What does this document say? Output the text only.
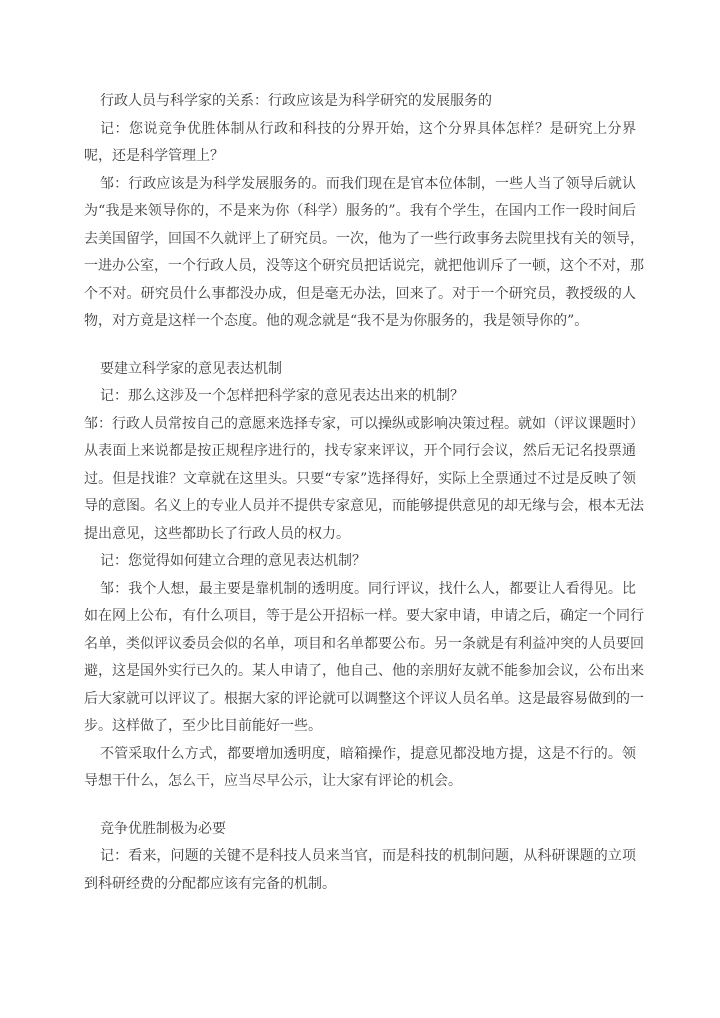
行政人员与科学家的关系：行政应该是为科学研究的发展服务的
记：您说竞争优胜体制从行政和科技的分界开始，这个分界具体怎样？是研究上分界
呢，还是科学管理上？
邹：行政应该是为科学发展服务的。而我们现在是官本位体制，一些人当了领导后就认
为“我是来领导你的，不是来为你（科学）服务的”。我有个学生，在国内工作一段时间后
去美国留学，回国不久就评上了研究员。一次，他为了一些行政事务去院里找有关的领导，
一进办公室，一个行政人员，没等这个研究员把话说完，就把他训斥了一顿，这个不对，那
个不对。研究员什么事都没办成，但是毫无办法，回来了。对于一个研究员，教授级的人
物，对方竟是这样一个态度。他的观念就是“我不是为你服务的，我是领导你的”。
要建立科学家的意见表达机制
记：那么这涉及一个怎样把科学家的意见表达出来的机制？
邹：行政人员常按自己的意愿来选择专家，可以操纵或影响决策过程。就如（评议课题时）
从表面上来说都是按正规程序进行的，找专家来评议，开个同行会议，然后无记名投票通
过。但是找谁？文章就在这里头。只要“专家”选择得好，实际上全票通过不过是反映了领
导的意图。名义上的专业人员并不提供专家意见，而能够提供意见的却无缘与会，根本无法
提出意见，这些都助长了行政人员的权力。
记：您觉得如何建立合理的意见表达机制？
邹：我个人想，最主要是靠机制的透明度。同行评议，找什么人，都要让人看得见。比
如在网上公布，有什么项目，等于是公开招标一样。要大家申请，申请之后，确定一个同行
名单，类似评议委员会似的名单，项目和名单都要公布。另一条就是有利益冲突的人员要回
避，这是国外实行已久的。某人申请了，他自己、他的亲朋好友就不能参加会议，公布出来
后大家就可以评议了。根据大家的评论就可以调整这个评议人员名单。这是最容易做到的一
步。这样做了，至少比目前能好一些。
不管采取什么方式，都要增加透明度，暗箱操作，提意见都没地方提，这是不行的。领
导想干什么，怎么干，应当尽早公示，让大家有评论的机会。
竞争优胜制极为必要
记：看来，问题的关键不是科技人员来当官，而是科技的机制问题，从科研课题的立项
到科研经费的分配都应该有完备的机制。
